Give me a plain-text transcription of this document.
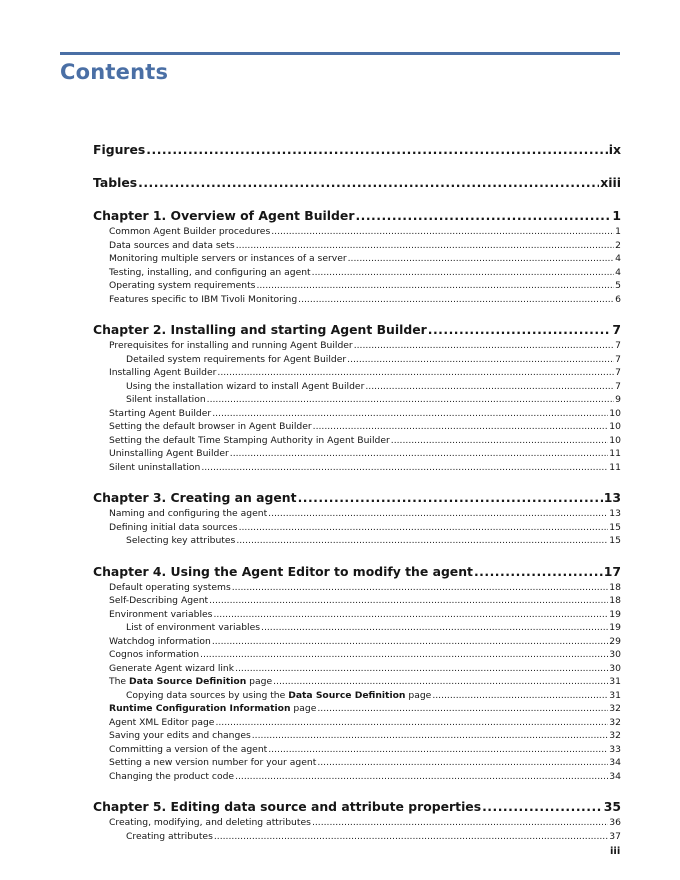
Contents
Figures .....	ix
Tables .....	xiii
Chapter 1. Overview of Agent Builder .....	1
Common Agent Builder procedures .....	1
Data sources and data sets .....	2
Monitoring multiple servers or instances of a server .....	4
Testing, installing, and configuring an agent .....	4
Operating system requirements .....	5
Features specific to IBM Tivoli Monitoring .....	6
Chapter 2. Installing and starting Agent Builder .....	7
Prerequisites for installing and running Agent Builder .....	7
Detailed system requirements for Agent Builder .....	7
Installing Agent Builder .....	7
Using the installation wizard to install Agent Builder .....	7
Silent installation .....	9
Starting Agent Builder .....	10
Setting the default browser in Agent Builder .....	10
Setting the default Time Stamping Authority in Agent Builder .....	10
Uninstalling Agent Builder .....	11
Silent uninstallation .....	11
Chapter 3. Creating an agent .....	13
Naming and configuring the agent .....	13
Defining initial data sources .....	15
Selecting key attributes .....	15
Chapter 4. Using the Agent Editor to modify the agent .....	17
Default operating systems .....	18
Self-Describing Agent .....	18
Environment variables .....	19
List of environment variables .....	19
Watchdog information .....	29
Cognos information .....	30
Generate Agent wizard link .....	30
The Data Source Definition page .....	31
Copying data sources by using the Data Source Definition page .....	31
Runtime Configuration Information page .....	32
Agent XML Editor page .....	32
Saving your edits and changes .....	32
Committing a version of the agent .....	33
Setting a new version number for your agent .....	34
Changing the product code .....	34
Chapter 5. Editing data source and attribute properties .....	35
Creating, modifying, and deleting attributes .....	36
Creating attributes .....	37
iii
